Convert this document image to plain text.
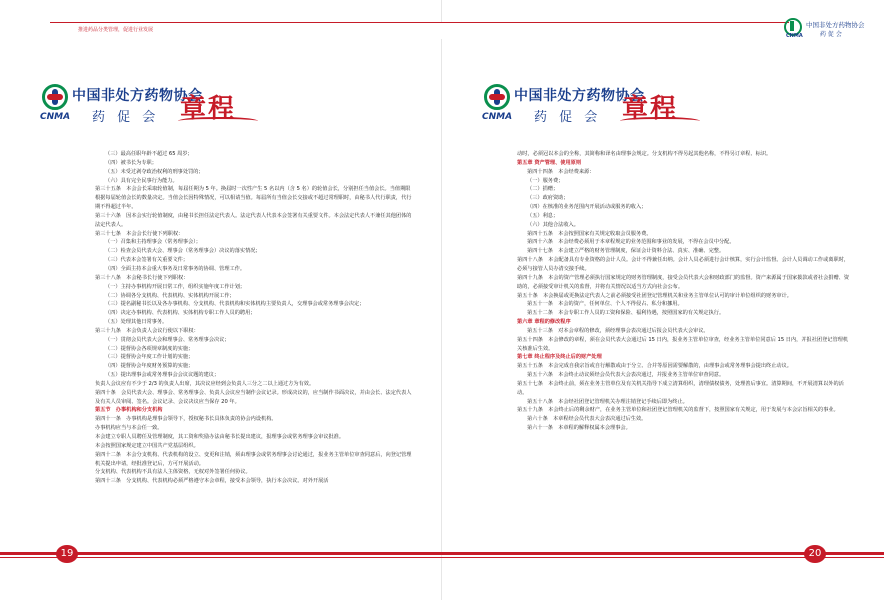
推进药品分类管理，促进行业发展
CNMA
中国非处方药物协会
药 促 会 章程
（三）最高任职年龄不超过 65 周岁；
（四）被书长为专职；
（五）未受过剥夺政治权利的刑事处罚的；
（六）具有完全民事行为能力。
第三十五条　本会会长采取轮值制，每届任期为 5 年。换届时一次性产生 5 名以内（含 5 名）的轮值会长，分别担任当值会长。当值期限根据每届轮值会长的数量决定。当值会长因特殊情况，可以相请当值。每届所有当值会长交接或不超过常理职时，由秘书人代行职责，代行期不得超过半年。
第三十六条　因本会实行轮值制度，由秘书长担任法定代表人。法定代表人代表本会签署有关重要文件。本会法定代表人不兼任其他团体的法定代表人。
第三十七条　本会会长行使下列职权：
（一）召集和主持理事会（常务理事会）；
（二）检查会员代表大会、理事会（常务理事会）决议的落实情况；
（三）代表本会签署有关重要文件；
（四）全面主持本会重大事务及日常事务的协调、管理工作。
第三十八条　本会秘书长行使下列职权：
（一）主持办事机构开展日常工作，组织实施年度工作计划；
（二）协调各分支机构、代表机构、实体机构开展工作；
（三）提名副秘书长以及各办事机构、分支机构、代表机构和实体机构主要负责人，交理事会或常务理事会决定；
（四）决定办事机构、代表机构、实体机构专职工作人员的聘用；
（五）处理其他日常事务。
第三十九条　本会负责人会议行使以下职权：
（一）贯彻会员代表大会和理事会、常务理事会决议；
（二）提督协会各项规章制度的实施；
（三）提督协会年度工作计划的实施；
（四）提督协会年度财务预算的实施；
（五）提出理事会或常务理事会会议议题的建议；
负责人会议应有不少于 2/3 的负责人出席，其决议应经到会负责人三分之二以上通过方为有效。
第四十条　会员代表大会、理事会、常务理事会、负责人会议应当制作会议记录。形成决议的，应当制作书面决议，并由会长、法定代表人及有关人员审阅、签名。会议记录、会议决议应当保存 20 年。
第五节　办事机构和分支机构
第四十一条　办事机构是理事会领导下，授权秘书长具体负责的协会内设机构。
办事机构应当与本会任一致。
本会建立专职人员聘任及管理制度，其工资和奖励办法由秘书长提出建议，报理事会或常务理事会审议批准。
本会按照国家规定建立中国共产党基层组织。
第四十二条　本会分支机构、代表机构的设立、变更和注销，须由理事会或常务理事会讨论通过，报业务主管单位审查同意后，向登记管理机关提出申请，经批准登记后，方可开展活动。
分支机构、代表机构不具有法人主体资格，无权对外签署任何协议。
第四十三条　分支机构、代表机构必须严格遵守本会章程，接受本会领导，执行本会决议。对外开展活
19
中国非处方药物协会
药 促 会
CNMA
CNMA
中国非处方药物协会
药 促 会 章程
动时，必须冠以本会的全称，其简称和译名由理事会规定。分支机构不得另起其他名称，不得另订章程、标识。
第五章 资产管理、使用原则
第四十四条　本会经费来源：
（一）服务费；
（二）捐赠；
（三）政府资助；
（四）在核准的业务范围内开展活动或服务的收入；
（五）利息；
（六）其他合法收入。
第四十五条　本会按照国家有关规定收取会员服务费。
第四十六条　本会经费必须用于本章程规定的业务范围和事业的发展，不得在会员中分配。
第四十七条　本会建立严格的财务管理制度，保证会计资料合法、真实、准确、完整。
第四十八条　本会配备具有专业资格的会计人员。会计不得兼任出纳。会计人员必须进行会计核算，实行会计监督。会计人员调动工作或离职时，必须与接管人员办清交接手续。
第四十九条　本会的资产管理必须执行国家规定的财务管理制度，接受会员代表大会和财政部门的监督。资产来源属于国家拨款或者社会捐赠、资助的，必须接受审计机关的监督，并将有关情况以适当方式向社会公布。
第五十条　本会换届或更换法定代表人之前必须接受社团登记管理机关和业务主管单位认可的审计单位组织的财务审计。
第五十一条　本会的资产，任何单位、个人不得侵占、私分和挪用。
第五十二条　本会专职工作人员的工资和保险、福利待遇，按照国家的有关规定执行。
第六章 章程的修改程序
第五十三条　对本会章程的修改，须经理事会表决通过后报会员代表大会审议。
第五十四条　本会修改的章程，须在会员代表大会通过后 15 日内，报业务主管单位审查，经业务主管单位同意后 15 日内，并报社团登记管理机关核准后生效。
第七章 终止程序及终止后的财产处理
第五十五条　本会完成自我宗旨或自行解散或由于分立、合并等原因需要解散的，由理事会或常务理事会提出终止动议。
第五十六条　本会终止动议须经会员代表大会表决通过，并报业务主管单位审查同意。
第五十七条　本会终止前，须在业务主管单位及有关机关指导下成立清算组织，清理债权债务，处理善后事宜。清算期间，不开展清算以外的活动。
第五十八条　本会经社团登记管理机关办理注销登记手续后即为终止。
第五十九条　本会终止后的剩余财产，在业务主管单位和社团登记管理机关的监督下，按照国家有关规定，用于发展与本会宗旨相关的事业。
第六十条　本章程经会员代表大会表决通过后生效。
第六十一条　本章程的解释权属本会理事会。
20
